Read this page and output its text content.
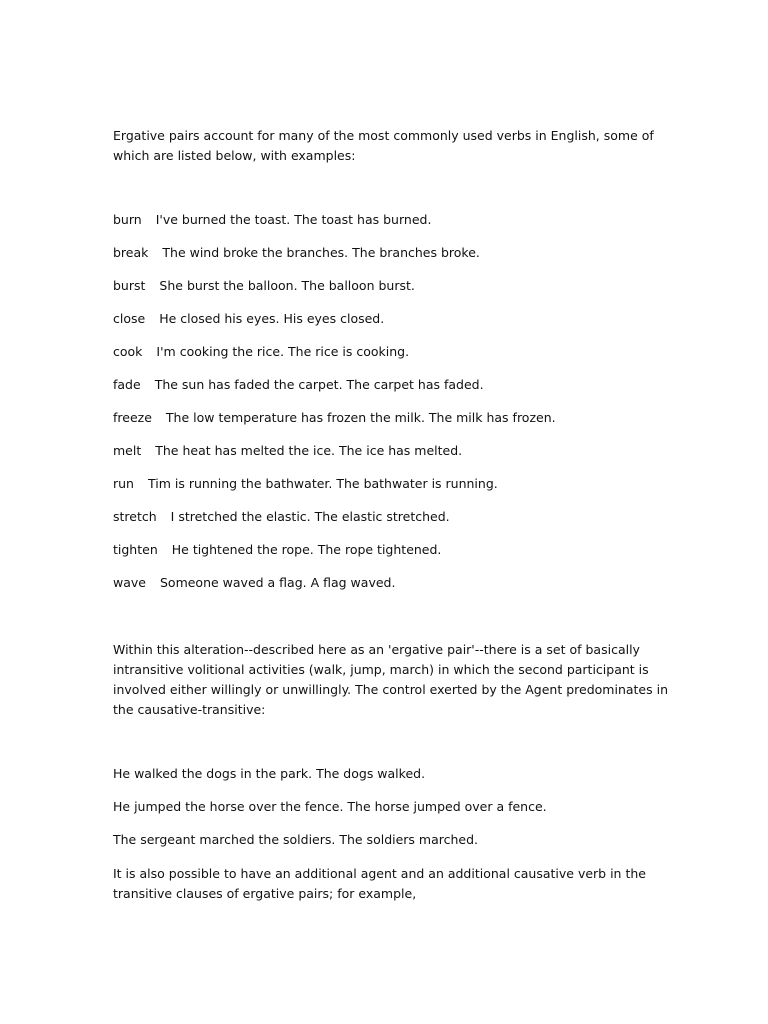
Ergative pairs account for many of the most commonly used verbs in English, some of which are listed below, with examples:

burn I've burned the toast. The toast has burned.
break The wind broke the branches. The branches broke.
burst She burst the balloon. The balloon burst.
close He closed his eyes. His eyes closed.
cook I'm cooking the rice. The rice is cooking.
fade The sun has faded the carpet. The carpet has faded.
freeze The low temperature has frozen the milk. The milk has frozen.
melt The heat has melted the ice. The ice has melted.
run Tim is running the bathwater. The bathwater is running.
stretch I stretched the elastic. The elastic stretched.
tighten He tightened the rope. The rope tightened.
wave Someone waved a flag. A flag waved.

Within this alteration--described here as an 'ergative pair'--there is a set of basically intransitive volitional activities (walk, jump, march) in which the second participant is involved either willingly or unwillingly. The control exerted by the Agent predominates in the causative-transitive:

He walked the dogs in the park. The dogs walked.

He jumped the horse over the fence. The horse jumped over a fence.

The sergeant marched the soldiers. The soldiers marched.

It is also possible to have an additional agent and an additional causative verb in the transitive clauses of ergative pairs; for example,
